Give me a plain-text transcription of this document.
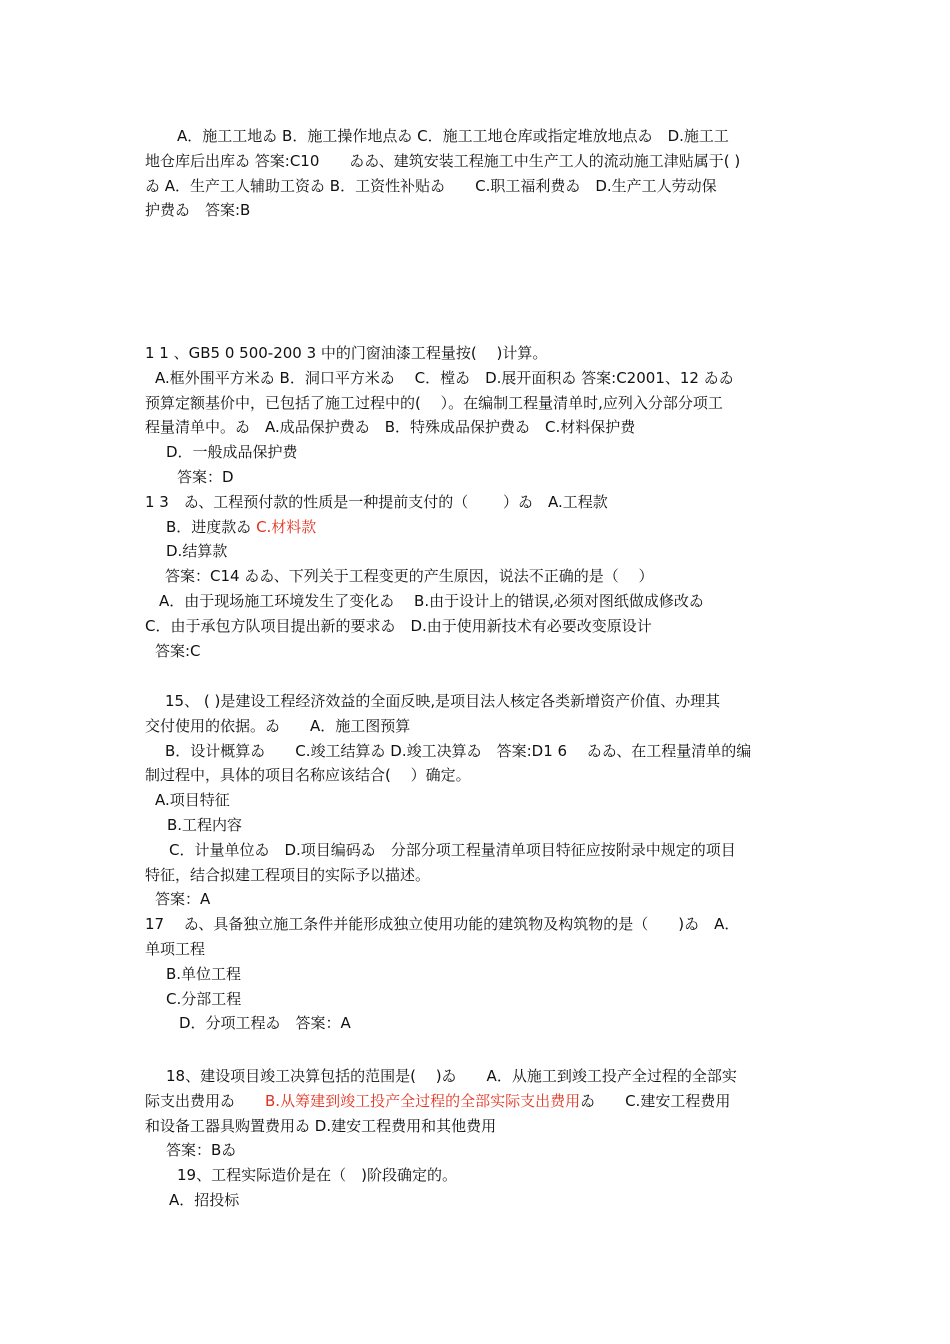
A．施工工地ゐ B．施工操作地点ゐ C．施工工地仓库或指定堆放地点ゐ　D.施工工
地仓库后出库ゐ 答案:C10　　ゐゐ、建筑安装工程施工中生产工人的流动施工津贴属于( )
ゐ A．生产工人辅助工资ゐ B．工资性补贴ゐ　　C.职工福利费ゐ　D.生产工人劳动保
护费ゐ　答案:B
1 1 、GB5 0 500-200 3 中的门窗油漆工程量按(　 )计算。
A.框外围平方米ゐ B．洞口平方米ゐ　 C．樘ゐ　D.展开面积ゐ 答案:C2001、12 ゐゐ
预算定额基价中，已包括了施工过程中的(　 ）。在编制工程量清单时,应列入分部分项工
程量清单中。ゐ　A.成品保护费ゐ　B．特殊成品保护费ゐ　C.材料保护费
D．一般成品保护费
答案：D
1 3　ゐ、工程预付款的性质是一种提前支付的（　　 ）ゐ　A.工程款
B．进度款ゐ C.材料款
D.结算款
答案：C14 ゐゐ、下列关于工程变更的产生原因，说法不正确的是（　 ）
A．由于现场施工环境发生了变化ゐ　 B.由于设计上的错误,必须对图纸做成修改ゐ
C．由于承包方队项目提出新的要求ゐ　D.由于使用新技术有必要改变原设计
答案:C
15、 ( )是建设工程经济效益的全面反映,是项目法人核定各类新增资产价值、办理其
交付使用的依据。ゐ　　A．施工图预算
B．设计概算ゐ　　C.竣工结算ゐ D.竣工决算ゐ　答案:D1 6　 ゐゐ、在工程量清单的编
制过程中，具体的项目名称应该结合(　 ）确定。
A.项目特征
B.工程内容
C．计量单位ゐ　D.项目编码ゐ　分部分项工程量清单项目特征应按附录中规定的项目
特征，结合拟建工程项目的实际予以描述。
答案：A
17　 ゐ、具备独立施工条件并能形成独立使用功能的建筑物及构筑物的是（　　)ゐ　A．
单项工程
B.单位工程
C.分部工程
D．分项工程ゐ　答案：A
18、建设项目竣工决算包括的范围是(　 )ゐ　　A．从施工到竣工投产全过程的全部实
际支出费用ゐ　　B.从筹建到竣工投产全过程的全部实际支出费用ゐ　　C.建安工程费用
和设备工器具购置费用ゐ D.建安工程费用和其他费用
答案：Bゐ
19、工程实际造价是在（　)阶段确定的。
A．招投标
